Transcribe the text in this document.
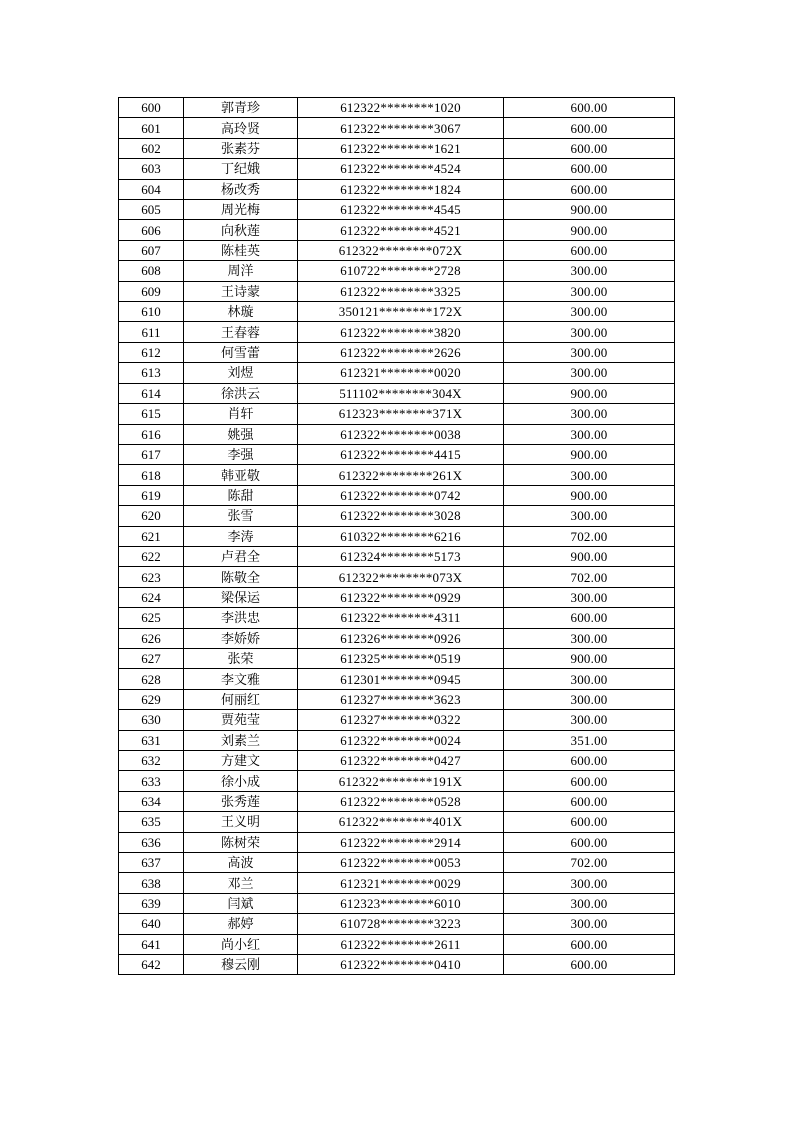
600	郭青珍	612322********1020	600.00
601	高玲贤	612322********3067	600.00
602	张素芬	612322********1621	600.00
603	丁纪娥	612322********4524	600.00
604	杨改秀	612322********1824	600.00
605	周光梅	612322********4545	900.00
606	向秋莲	612322********4521	900.00
607	陈桂英	612322********072X	600.00
608	周洋	610722********2728	300.00
609	王诗蒙	612322********3325	300.00
610	林璇	350121********172X	300.00
611	王春蓉	612322********3820	300.00
612	何雪蕾	612322********2626	300.00
613	刘煜	612321********0020	300.00
614	徐洪云	511102********304X	900.00
615	肖轩	612323********371X	300.00
616	姚强	612322********0038	300.00
617	李强	612322********4415	900.00
618	韩亚敬	612322********261X	300.00
619	陈甜	612322********0742	900.00
620	张雪	612322********3028	300.00
621	李涛	610322********6216	702.00
622	卢君全	612324********5173	900.00
623	陈敬全	612322********073X	702.00
624	梁保运	612322********0929	300.00
625	李洪忠	612322********4311	600.00
626	李娇娇	612326********0926	300.00
627	张荣	612325********0519	900.00
628	李文雅	612301********0945	300.00
629	何丽红	612327********3623	300.00
630	贾苑莹	612327********0322	300.00
631	刘素兰	612322********0024	351.00
632	方建文	612322********0427	600.00
633	徐小成	612322********191X	600.00
634	张秀莲	612322********0528	600.00
635	王义明	612322********401X	600.00
636	陈树荣	612322********2914	600.00
637	高波	612322********0053	702.00
638	邓兰	612321********0029	300.00
639	闫斌	612323********6010	300.00
640	郝婷	610728********3223	300.00
641	尚小红	612322********2611	600.00
642	穆云刚	612322********0410	600.00
